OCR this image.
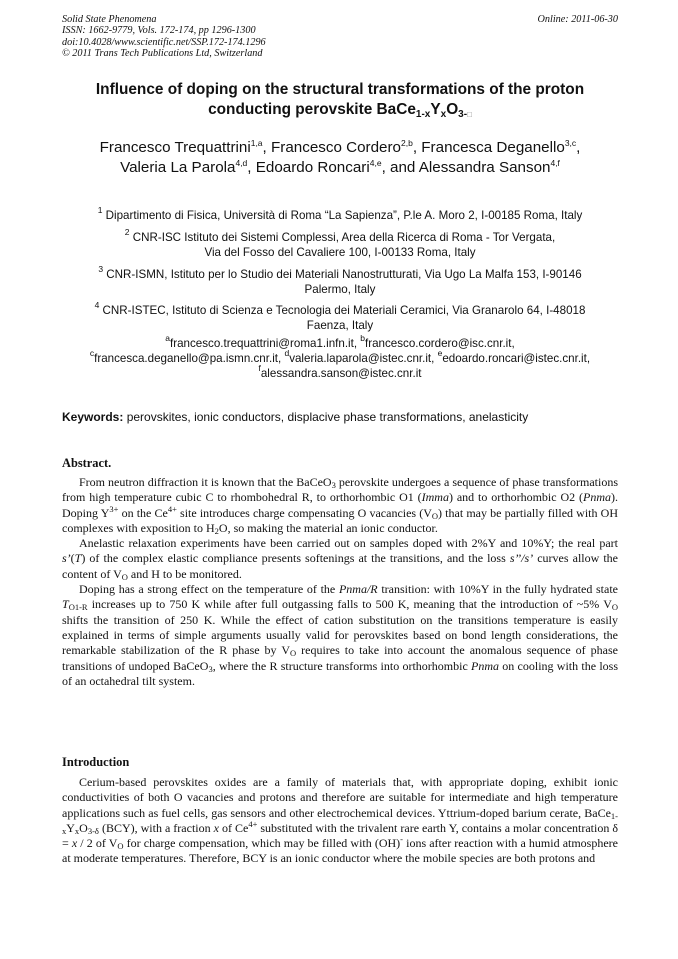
Solid State Phenomena
ISSN: 1662-9779, Vols. 172-174, pp 1296-1300
doi:10.4028/www.scientific.net/SSP.172-174.1296
© 2011 Trans Tech Publications Ltd, Switzerland
Online: 2011-06-30
Influence of doping on the structural transformations of the proton
conducting perovskite $BaCe_{1-x}Y_xO_{3-□}$
Francesco Trequattrini$^{1,a}$, Francesco Cordero$^{2,b}$, Francesca Deganello$^{3,c}$,
Valeria La Parola$^{4,d}$, Edoardo Roncari$^{4,e}$, and Alessandra Sanson$^{4,f}$
$^1$ Dipartimento di Fisica, Università di Roma “La Sapienza”, P.le A. Moro 2, I-00185 Roma, Italy
$^2$ CNR-ISC Istituto dei Sistemi Complessi, Area della Ricerca di Roma - Tor Vergata,
Via del Fosso del Cavaliere 100, I-00133 Roma, Italy
$^3$ CNR-ISMN, Istituto per lo Studio dei Materiali Nanostrutturati, Via Ugo La Malfa 153, I-90146
Palermo, Italy
$^4$ CNR-ISTEC, Istituto di Scienza e Tecnologia dei Materiali Ceramici, Via Granarolo 64, I-48018
Faenza, Italy
$^a$francesco.trequattrini@roma1.infn.it, $^b$francesco.cordero@isc.cnr.it,
$^c$francesca.deganello@pa.ismn.cnr.it, $^d$valeria.laparola@istec.cnr.it, $^e$edoardo.roncari@istec.cnr.it,
$^f$alessandra.sanson@istec.cnr.it
Keywords: perovskites, ionic conductors, displacive phase transformations, anelasticity
Abstract.

From neutron diffraction it is known that the BaCeO$_3$ perovskite undergoes a sequence of phase transformations from high temperature cubic C to rhombohedral R, to orthorhombic O1 (Imma) and to orthorhombic O2 (Pnma). Doping $Y^{3+}$ on the $Ce^{4+}$ site introduces charge compensating O vacancies $(V_O)$ that may be partially filled with OH complexes with exposition to $H_2O$, so making the material an ionic conductor.

Anelastic relaxation experiments have been carried out on samples doped with 2%Y and 10%Y; the real part s’(T) of the complex elastic compliance presents softenings at the transitions, and the loss s’’/s’ curves allow the content of $V_O$ and H to be monitored.

Doping has a strong effect on the temperature of the Pnma/R transition: with 10%Y in the fully hydrated state $T_{O1-R}$ increases up to 750 K while after full outgassing falls to 500 K, meaning that the introduction of ~5% $V_O$ shifts the transition of 250 K. While the effect of cation substitution on the transitions temperature is easily explained in terms of simple arguments usually valid for perovskites based on bond length considerations, the remarkable stabilization of the R phase by $V_O$ requires to take into account the anomalous sequence of phase transitions of undoped BaCeO$_3$, where the R structure transforms into orthorhombic Pnma on cooling with the loss of an octahedral tilt system.

Introduction

Cerium-based perovskites oxides are a family of materials that, with appropriate doping, exhibit ionic conductivities of both O vacancies and protons and therefore are suitable for intermediate and high temperature applications such as fuel cells, gas sensors and other electrochemical devices. Yttrium-doped barium cerate, $BaCe_{1-x}Y_xO_{3-\delta}$ (BCY), with a fraction x of $Ce^{4+}$ substituted with the trivalent rare earth Y, contains a molar concentration δ = x / 2 of $V_O$ for charge compensation, which may be filled with (OH)- ions after reaction with a humid atmosphere at moderate temperatures. Therefore, BCY is an ionic conductor where the mobile species are both protons and
